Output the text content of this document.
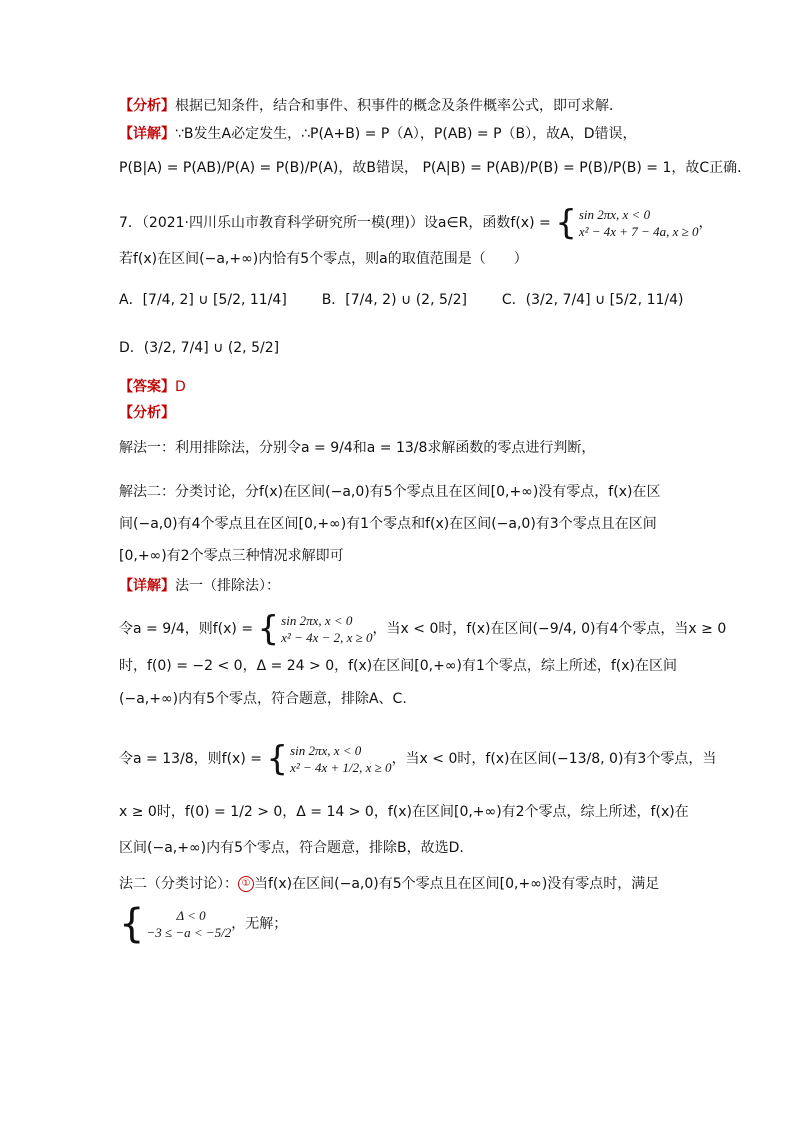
【分析】根据已知条件，结合和事件、积事件的概念及条件概率公式，即可求解．
【详解】∵B发生A必定发生，∴P(A+B) = P（A），P(AB) = P（B），故A，D错误，
P(B|A) = P(AB)/P(A) = P(B)/P(A)，故B错误， P(A|B) = P(AB)/P(B) = P(B)/P(B) = 1，故C正确．
7．（2021·四川乐山市教育科学研究所一模(理)）设a∈R，函数f(x) = { sin 2πx, x < 0
x² − 4x + 7 − 4a, x ≥ 0
，
若f(x)在区间(−a,+∞)内恰有5个零点，则a的取值范围是（　　）
A．[7/4, 2] ∪ [5/2, 11/4] B．[7/4, 2) ∪ (2, 5/2] C．(3/2, 7/4] ∪ [5/2, 11/4)
D．(3/2, 7/4] ∪ (2, 5/2]
【答案】D
【分析】
解法一：利用排除法，分别令a = 9/4和a = 13/8求解函数的零点进行判断，
解法二：分类讨论，分f(x)在区间(−a,0)有5个零点且在区间[0,+∞)没有零点，f(x)在区
间(−a,0)有4个零点且在区间[0,+∞)有1个零点和f(x)在区间(−a,0)有3个零点且在区间
[0,+∞)有2个零点三种情况求解即可
【详解】法一（排除法）：
令a = 9/4，则f(x) = { sin 2πx, x < 0
x² − 4x − 2, x ≥ 0
，当x < 0时，f(x)在区间(−9/4, 0)有4个零点，当x ≥ 0
时，f(0) = −2 < 0，Δ = 24 > 0，f(x)在区间[0,+∞)有1个零点，综上所述，f(x)在区间
(−a,+∞)内有5个零点，符合题意，排除A、C.
令a = 13/8，则f(x) = { sin 2πx, x < 0
x² − 4x + 1/2, x ≥ 0
，当x < 0时，f(x)在区间(−13/8, 0)有3个零点，当
x ≥ 0时，f(0) = 1/2 > 0，Δ = 14 > 0，f(x)在区间[0,+∞)有2个零点，综上所述，f(x)在
区间(−a,+∞)内有5个零点，符合题意，排除B，故选D.
法二（分类讨论）： ① 当f(x)在区间(−a,0)有5个零点且在区间[0,+∞)没有零点时，满足
{	Δ < 0
−3 ≤ −a < −5/2
，无解；
